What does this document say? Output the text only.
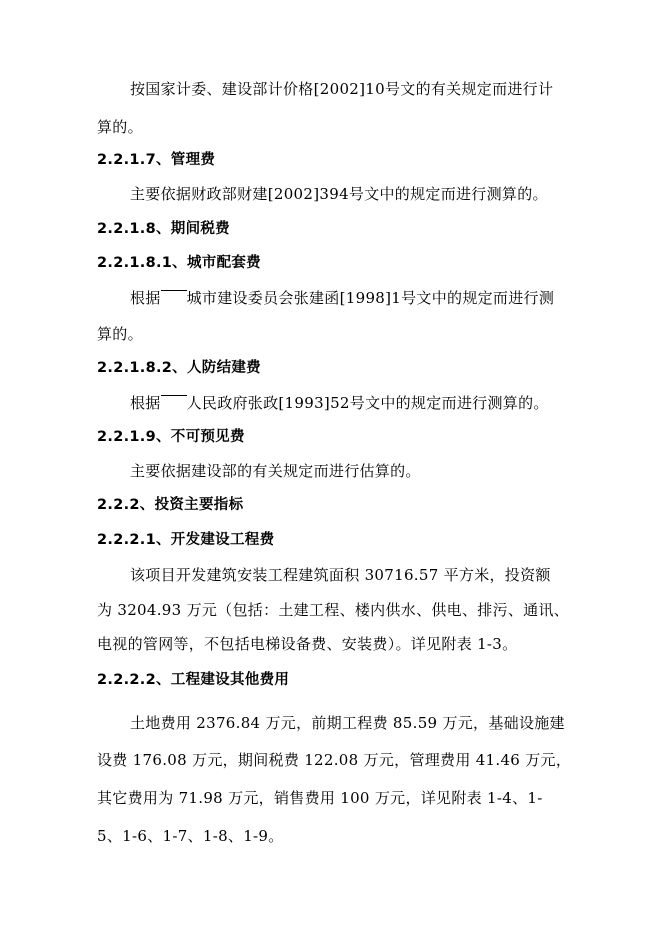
按国家计委、建设部计价格[2002]10号文的有关规定而进行计
算的。
2.2.1.7、管理费
主要依据财政部财建[2002]394号文中的规定而进行测算的。
2.2.1.8、期间税费
2.2.1.8.1、城市配套费
根据 城市建设委员会张建函[1998]1号文中的规定而进行测
算的。
2.2.1.8.2、人防结建费
根据 人民政府张政[1993]52号文中的规定而进行测算的。
2.2.1.9、不可预见费
主要依据建设部的有关规定而进行估算的。
2.2.2、投资主要指标
2.2.2.1、开发建设工程费
该项目开发建筑安装工程建筑面积 30716.57 平方米，投资额
为 3204.93 万元（包括：土建工程、楼内供水、供电、排污、通讯、
电视的管网等，不包括电梯设备费、安装费）。详见附表 1-3。
2.2.2.2、工程建设其他费用
土地费用 2376.84 万元，前期工程费 85.59 万元，基础设施建
设费 176.08 万元，期间税费 122.08 万元，管理费用 41.46 万元，
其它费用为 71.98 万元，销售费用 100 万元，详见附表 1-4、1-
5、1-6、1-7、1-8、1-9。
